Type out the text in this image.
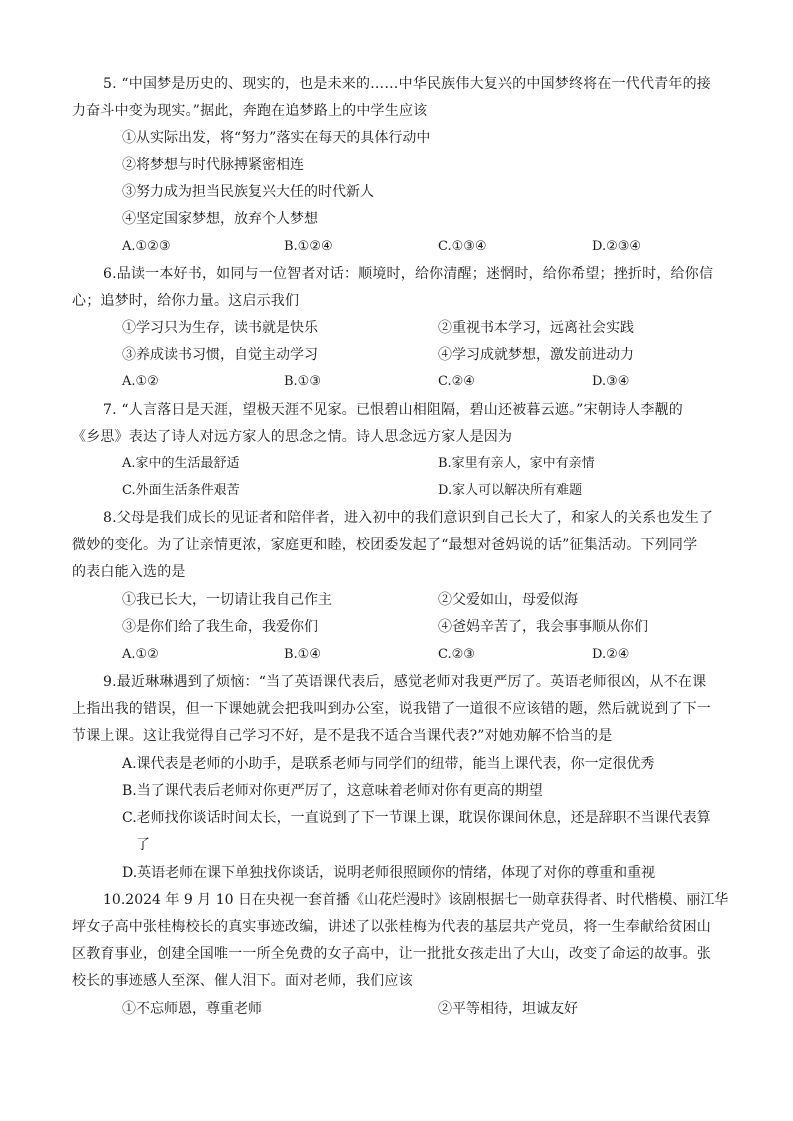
5. “中国梦是历史的、现实的，也是未来的……中华民族伟大复兴的中国梦终将在一代代青年的接
力奋斗中变为现实。”据此，奔跑在追梦路上的中学生应该
①从实际出发，将“努力”落实在每天的具体行动中
②将梦想与时代脉搏紧密相连
③努力成为担当民族复兴大任的时代新人
④坚定国家梦想，放弃个人梦想
A.①②③	B.①②④	C.①③④	D.②③④
6.品读一本好书，如同与一位智者对话：顺境时，给你清醒；迷惘时，给你希望；挫折时，给你信
心；追梦时，给你力量。这启示我们
①学习只为生存，读书就是快乐	②重视书本学习，远离社会实践
③养成读书习惯，自觉主动学习	④学习成就梦想，激发前进动力
A.①②	B.①③	C.②④	D.③④
7. “人言落日是天涯，望极天涯不见家。已恨碧山相阻隔，碧山还被暮云遮。”宋朝诗人李觏的
《乡思》表达了诗人对远方家人的思念之情。诗人思念远方家人是因为
A.家中的生活最舒适	B.家里有亲人，家中有亲情
C.外面生活条件艰苦	D.家人可以解决所有难题
8.父母是我们成长的见证者和陪伴者，进入初中的我们意识到自己长大了，和家人的关系也发生了
微妙的变化。为了让亲情更浓，家庭更和睦，校团委发起了“最想对爸妈说的话”征集活动。下列同学
的表白能入选的是
①我已长大，一切请让我自己作主	②父爱如山，母爱似海
③是你们给了我生命，我爱你们	④爸妈辛苦了，我会事事顺从你们
A.①②	B.①④	C.②③	D.②④
9.最近琳琳遇到了烦恼：“当了英语课代表后，感觉老师对我更严厉了。英语老师很凶，从不在课
上指出我的错误，但一下课她就会把我叫到办公室，说我错了一道很不应该错的题，然后就说到了下一
节课上课。这让我觉得自己学习不好，是不是我不适合当课代表?”对她劝解不恰当的是
A.课代表是老师的小助手，是联系老师与同学们的纽带，能当上课代表，你一定很优秀
B.当了课代表后老师对你更严厉了，这意味着老师对你有更高的期望
C.老师找你谈话时间太长，一直说到了下一节课上课，耽误你课间休息，还是辞职不当课代表算
了
D.英语老师在课下单独找你谈话，说明老师很照顾你的情绪，体现了对你的尊重和重视
10.2024 年 9 月 10 日在央视一套首播《山花烂漫时》该剧根据七一勋章获得者、时代楷模、丽江华
坪女子高中张桂梅校长的真实事迹改编，讲述了以张桂梅为代表的基层共产党员，将一生奉献给贫困山
区教育事业，创建全国唯一一所全免费的女子高中，让一批批女孩走出了大山，改变了命运的故事。张
校长的事迹感人至深、催人泪下。面对老师，我们应该
①不忘师恩，尊重老师	②平等相待，坦诚友好
